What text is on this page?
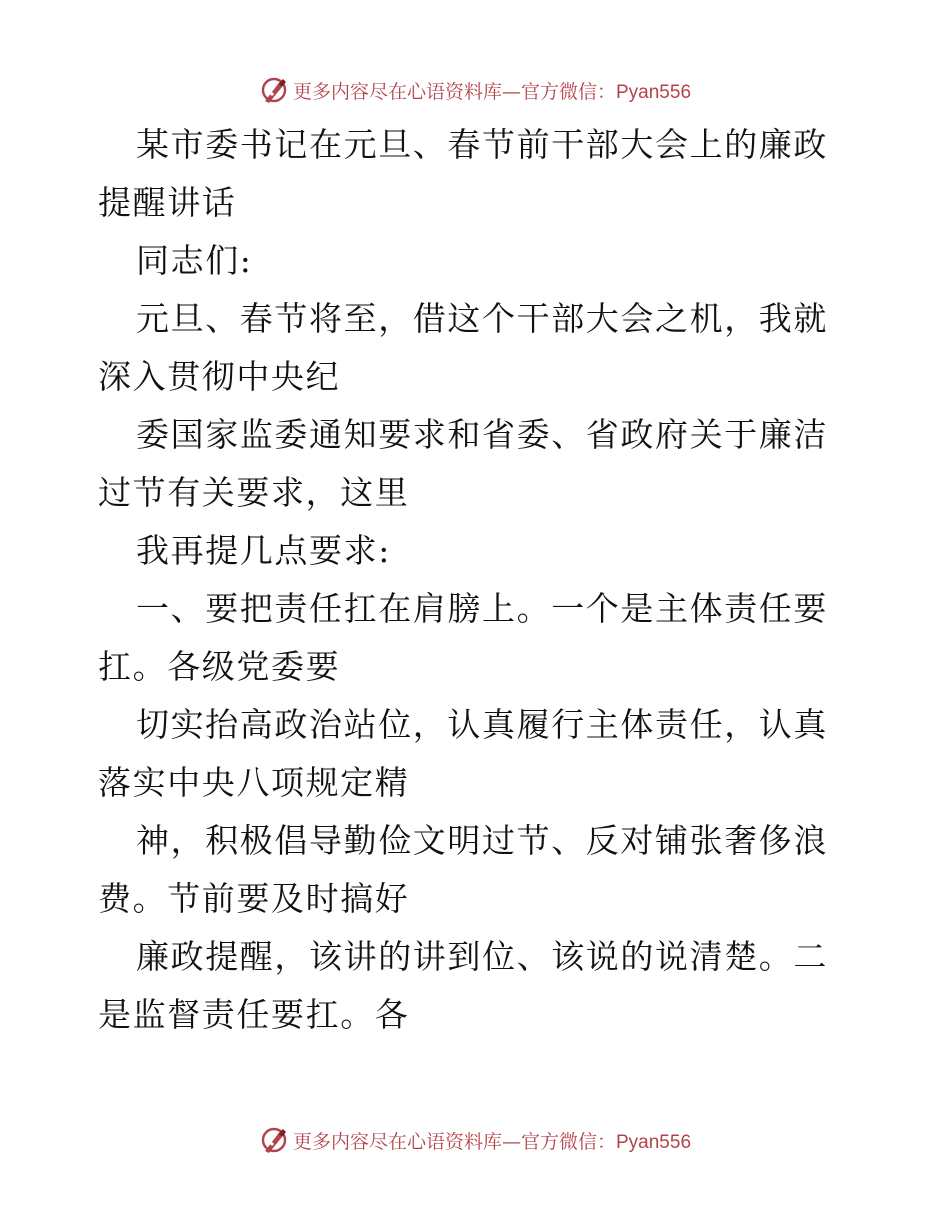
更多内容尽在心语资料库—官方微信：Pyan556

某市委书记在元旦、春节前干部大会上的廉政提醒讲话

同志们:

元旦、春节将至，借这个干部大会之机，我就深入贯彻中央纪

委国家监委通知要求和省委、省政府关于廉洁过节有关要求，这里

我再提几点要求:

一、要把责任扛在肩膀上。一个是主体责任要扛。各级党委要

切实抬高政治站位，认真履行主体责任，认真落实中央八项规定精

神，积极倡导勤俭文明过节、反对铺张奢侈浪费。节前要及时搞好

廉政提醒，该讲的讲到位、该说的说清楚。二是监督责任要扛。各

更多内容尽在心语资料库—官方微信：Pyan556
